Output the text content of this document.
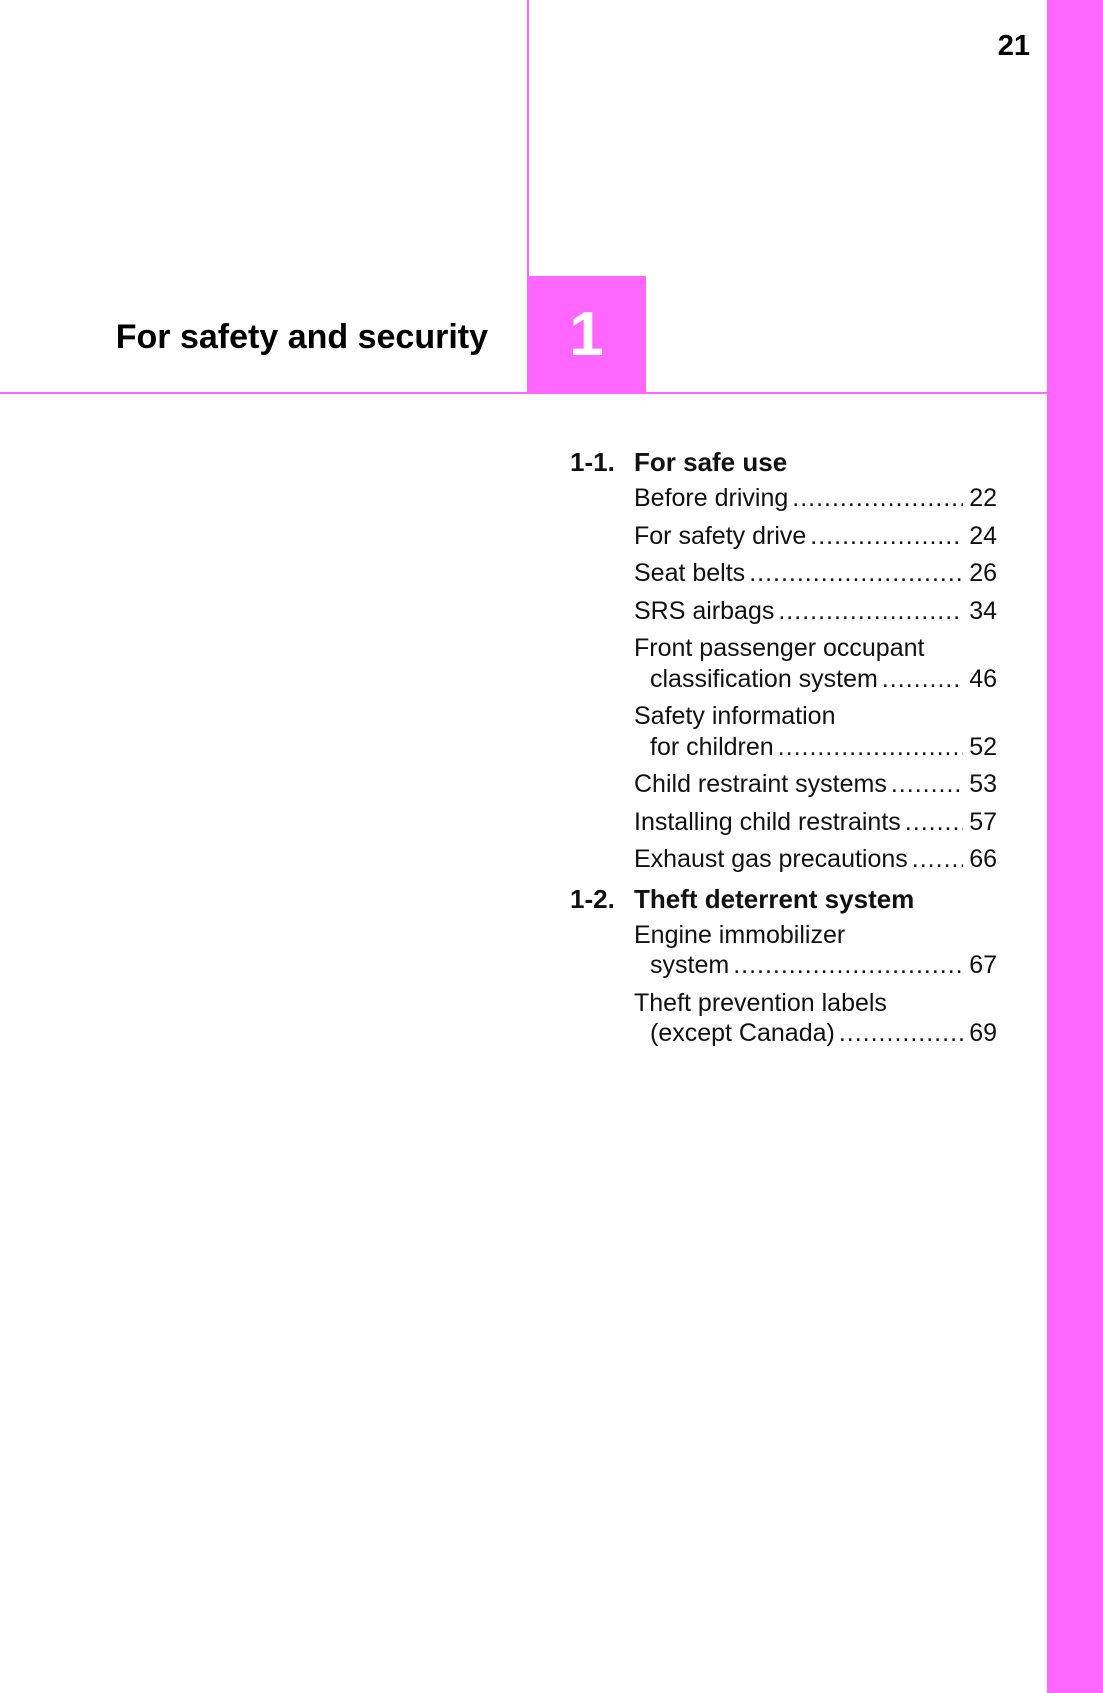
21
For safety and security 1
1-1. For safe use
Before driving .....	22
For safety drive .....	24
Seat belts .....	26
SRS airbags .....	34
Front passenger occupant
classification system .....	46
Safety information
for children .....	52
Child restraint systems .....	53
Installing child restraints .....	57
Exhaust gas precautions ..... 66
1-2. Theft deterrent system
Engine immobilizer
system .....	67
Theft prevention labels
(except Canada) .....	69
